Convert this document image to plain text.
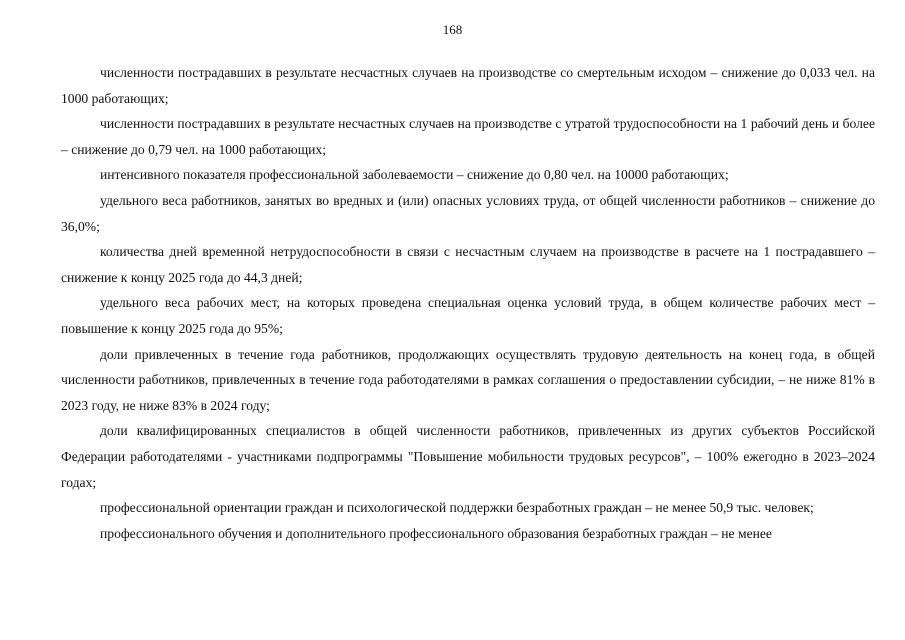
168

численности пострадавших в результате несчастных случаев на производстве со смертельным исходом – снижение до 0,033 чел. на 1000 работающих;

численности пострадавших в результате несчастных случаев на производстве с утратой трудоспособности на 1 рабочий день и более – снижение до 0,79 чел. на 1000 работающих;

интенсивного показателя профессиональной заболеваемости – снижение до 0,80 чел. на 10000 работающих;

удельного веса работников, занятых во вредных и (или) опасных условиях труда, от общей численности работников – снижение до 36,0%;

количества дней временной нетрудоспособности в связи с несчастным случаем на производстве в расчете на 1 пострадавшего – снижение к концу 2025 года до 44,3 дней;

удельного веса рабочих мест, на которых проведена специальная оценка условий труда, в общем количестве рабочих мест – повышение к концу 2025 года до 95%;

доли привлеченных в течение года работников, продолжающих осуществлять трудовую деятельность на конец года, в общей численности работников, привлеченных в течение года работодателями в рамках соглашения о предоставлении субсидии, – не ниже 81% в 2023 году, не ниже 83% в 2024 году;

доли квалифицированных специалистов в общей численности работников, привлеченных из других субъектов Российской Федерации работодателями - участниками подпрограммы "Повышение мобильности трудовых ресурсов", – 100% ежегодно в 2023–2024 годах;

профессиональной ориентации граждан и психологической поддержки безработных граждан – не менее 50,9 тыс. человек;

профессионального обучения и дополнительного профессионального образования безработных граждан – не менее
